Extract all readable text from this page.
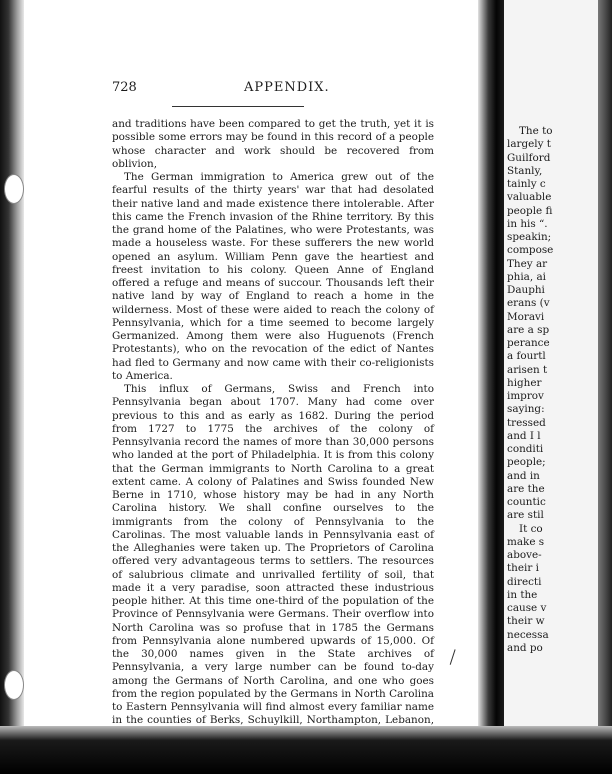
728	APPENDIX.

and traditions have been compared to get the truth, yet it is possible some errors may be found in this record of a people whose character and work should be recovered from oblivion,

The German immigration to America grew out of the fearful results of the thirty years' war that had desolated their native land and made existence there intolerable. After this came the French invasion of the Rhine territory. By this the grand home of the Palatines, who were Protestants, was made a houseless waste. For these sufferers the new world opened an asylum. William Penn gave the heartiest and freest invitation to his colony. Queen Anne of England offered a refuge and means of succour. Thousands left their native land by way of England to reach a home in the wilderness. Most of these were aided to reach the colony of Pennsylvania, which for a time seemed to become largely Germanized. Among them were also Huguenots (French Protestants), who on the revocation of the edict of Nantes had fled to Germany and now came with their co-religionists to America.

This influx of Germans, Swiss and French into Pennsylvania began about 1707. Many had come over previous to this and as early as 1682. During the period from 1727 to 1775 the archives of the colony of Pennsylvania record the names of more than 30,000 persons who landed at the port of Philadelphia. It is from this colony that the German immigrants to North Carolina to a great extent came. A colony of Palatines and Swiss founded New Berne in 1710, whose history may be had in any North Carolina history. We shall confine ourselves to the immigrants from the colony of Pennsylvania to the Carolinas. The most valuable lands in Pennsylvania east of the Alleghanies were taken up. The Proprietors of Carolina offered very advantageous terms to settlers. The resources of salubrious climate and unrivalled fertility of soil, that made it a very paradise, soon attracted these industrious people hither. At this time one-third of the population of the Province of Pennsylvania were Germans. Their overflow into North Carolina was so profuse that in 1785 the Germans from Pennsylvania alone numbered upwards of 15,000. Of the 30,000 names given in the State archives of Pennsylvania, a very large number can be found to-day among the Germans of North Carolina, and one who goes from the region populated by the Germans in North Carolina to Eastern Pennsylvania will find almost every familiar name in the counties of Berks, Schuylkill, Northampton, Lebanon,

The to
largely t
Guilford
Stanly,
tainly c
valuable
people fi
in his “.
speakin;
compose
They ar
phia, ai
Dauphi
erans (v
Moravi
are a sp
perance
a fourtl
arisen t
higher
improv
saying:
tressed
and I l
conditi
people;
and in
are the
countic
are stil
It co
make s
above-
their i
directi
in the
cause v
their w
necessa
and po
